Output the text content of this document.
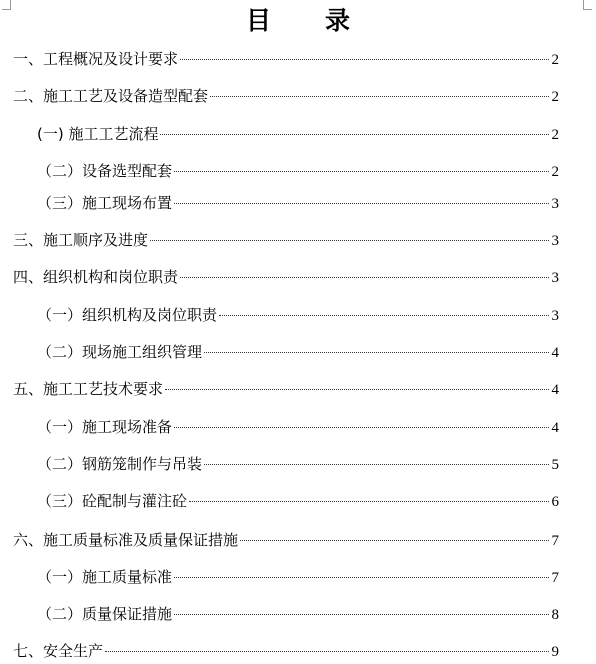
目 录
一、工程概况及设计要求	2
二、施工工艺及设备造型配套	2
(一) 施工工艺流程	2
（二）设备选型配套	2
（三）施工现场布置	3
三、施工顺序及进度	3
四、组织机构和岗位职责	3
（一）组织机构及岗位职责	3
（二）现场施工组织管理	4
五、施工工艺技术要求	4
（一）施工现场准备	4
（二）钢筋笼制作与吊装	5
（三）砼配制与灌注砼	6
六、施工质量标准及质量保证措施	7
（一）施工质量标准	7
（二）质量保证措施	8
七、安全生产	9
